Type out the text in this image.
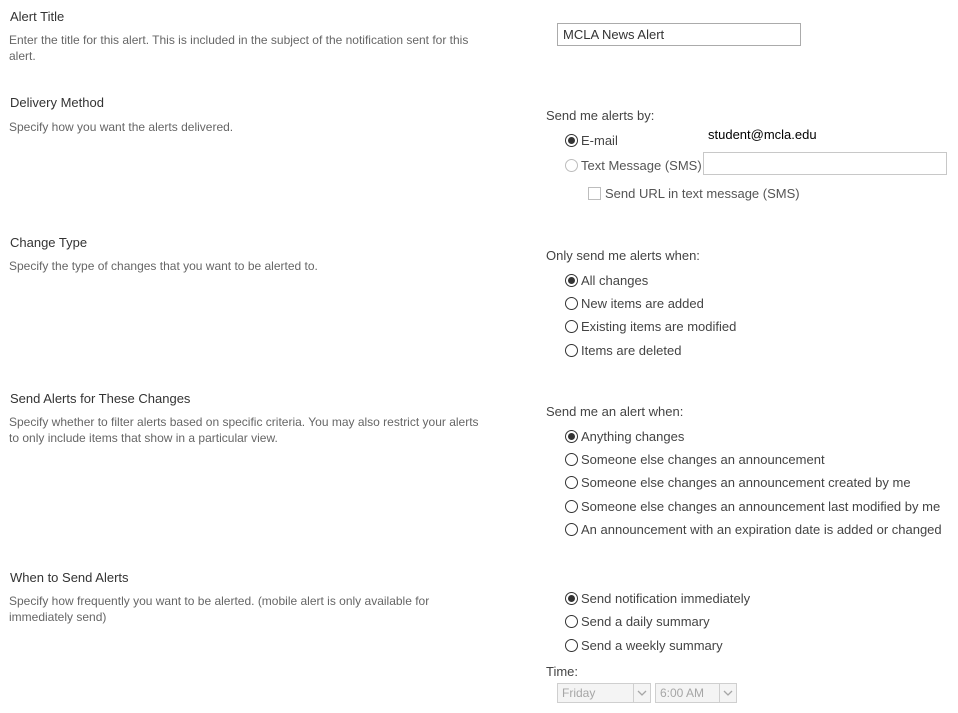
Alert Title
Enter the title for this alert. This is included in the subject of the notification sent for this alert.
MCLA News Alert
Delivery Method
Specify how you want the alerts delivered.
Send me alerts by:
E-mail	student@mcla.edu
Text Message (SMS)
Send URL in text message (SMS)
Change Type
Specify the type of changes that you want to be alerted to.
Only send me alerts when:
All changes
New items are added
Existing items are modified
Items are deleted
Send Alerts for These Changes
Specify whether to filter alerts based on specific criteria. You may also restrict your alerts to only include items that show in a particular view.
Send me an alert when:
Anything changes
Someone else changes an announcement
Someone else changes an announcement created by me
Someone else changes an announcement last modified by me
An announcement with an expiration date is added or changed
When to Send Alerts
Specify how frequently you want to be alerted. (mobile alert is only available for immediately send)
Send notification immediately
Send a daily summary
Send a weekly summary
Time:
Friday	6:00 AM
